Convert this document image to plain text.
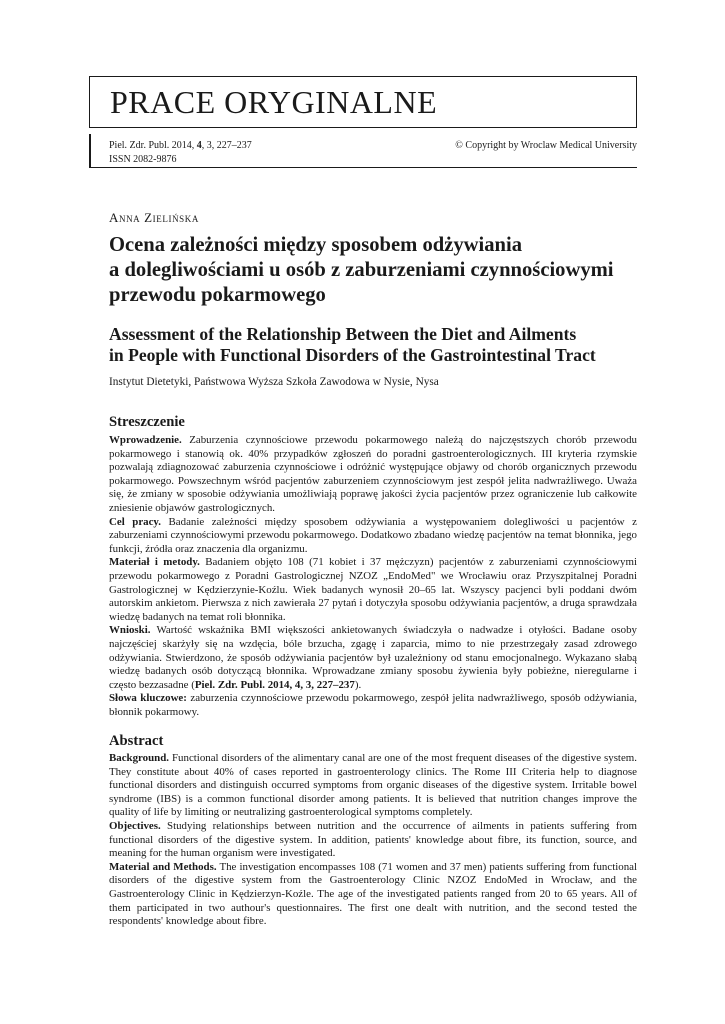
PRACE ORYGINALNE
Piel. Zdr. Publ. 2014, 4, 3, 227–237
ISSN 2082-9876
© Copyright by Wroclaw Medical University
Anna Zielińska
Ocena zależności między sposobem odżywiania
a dolegliwościami u osób z zaburzeniami czynnościowymi
przewodu pokarmowego
Assessment of the Relationship Between the Diet and Ailments
in People with Functional Disorders of the Gastrointestinal Tract
Instytut Dietetyki, Państwowa Wyższa Szkoła Zawodowa w Nysie, Nysa
Streszczenie

Wprowadzenie. Zaburzenia czynnościowe przewodu pokarmowego należą do najczęstszych chorób przewodu pokarmowego i stanowią ok. 40% przypadków zgłoszeń do poradni gastroenterologicznych. III kryteria rzymskie pozwalają zdiagnozować zaburzenia czynnościowe i odróżnić występujące objawy od chorób organicznych przewodu pokarmowego. Powszechnym wśród pacjentów zaburzeniem czynnościowym jest zespół jelita nadwrażliwego. Uważa się, że zmiany w sposobie odżywiania umożliwiają poprawę jakości życia pacjentów przez ograniczenie lub całkowite zniesienie objawów gastrologicznych.

Cel pracy. Badanie zależności między sposobem odżywiania a występowaniem dolegliwości u pacjentów z zaburzeniami czynnościowymi przewodu pokarmowego. Dodatkowo zbadano wiedzę pacjentów na temat błonnika, jego funkcji, źródła oraz znaczenia dla organizmu.

Materiał i metody. Badaniem objęto 108 (71 kobiet i 37 mężczyzn) pacjentów z zaburzeniami czynnościowymi przewodu pokarmowego z Poradni Gastrologicznej NZOZ „EndoMed" we Wrocławiu oraz Przyszpitalnej Poradni Gastrologicznej w Kędzierzynie-Koźlu. Wiek badanych wynosił 20–65 lat. Wszyscy pacjenci byli poddani dwóm autorskim ankietom. Pierwsza z nich zawierała 27 pytań i dotyczyła sposobu odżywiania pacjentów, a druga sprawdzała wiedzę badanych na temat roli błonnika.

Wnioski. Wartość wskaźnika BMI większości ankietowanych świadczyła o nadwadze i otyłości. Badane osoby najczęściej skarżyły się na wzdęcia, bóle brzucha, zgagę i zaparcia, mimo to nie przestrzegały zasad zdrowego odżywiania. Stwierdzono, że sposób odżywiania pacjentów był uzależniony od stanu emocjonalnego. Wykazano słabą wiedzę badanych osób dotyczącą błonnika. Wprowadzane zmiany sposobu żywienia były pobieżne, nieregularne i często bezzasadne (Piel. Zdr. Publ. 2014, 4, 3, 227–237).

Słowa kluczowe: zaburzenia czynnościowe przewodu pokarmowego, zespół jelita nadwrażliwego, sposób odżywiania, błonnik pokarmowy.

Abstract

Background. Functional disorders of the alimentary canal are one of the most frequent diseases of the digestive system. They constitute about 40% of cases reported in gastroenterology clinics. The Rome III Criteria help to diagnose functional disorders and distinguish occurred symptoms from organic diseases of the digestive system. Irritable bowel syndrome (IBS) is a common functional disorder among patients. It is believed that nutrition changes improve the quality of life by limiting or neutralizing gastroenterological symptoms completely.

Objectives. Studying relationships between nutrition and the occurrence of ailments in patients suffering from functional disorders of the digestive system. In addition, patients' knowledge about fibre, its function, source, and meaning for the human organism were investigated.

Material and Methods. The investigation encompasses 108 (71 women and 37 men) patients suffering from functional disorders of the digestive system from the Gastroenterology Clinic NZOZ EndoMed in Wrocław, and the Gastroenterology Clinic in Kędzierzyn-Koźle. The age of the investigated patients ranged from 20 to 65 years. All of them participated in two authour's questionnaires. The first one dealt with nutrition, and the second tested the respondents' knowledge about fibre.
